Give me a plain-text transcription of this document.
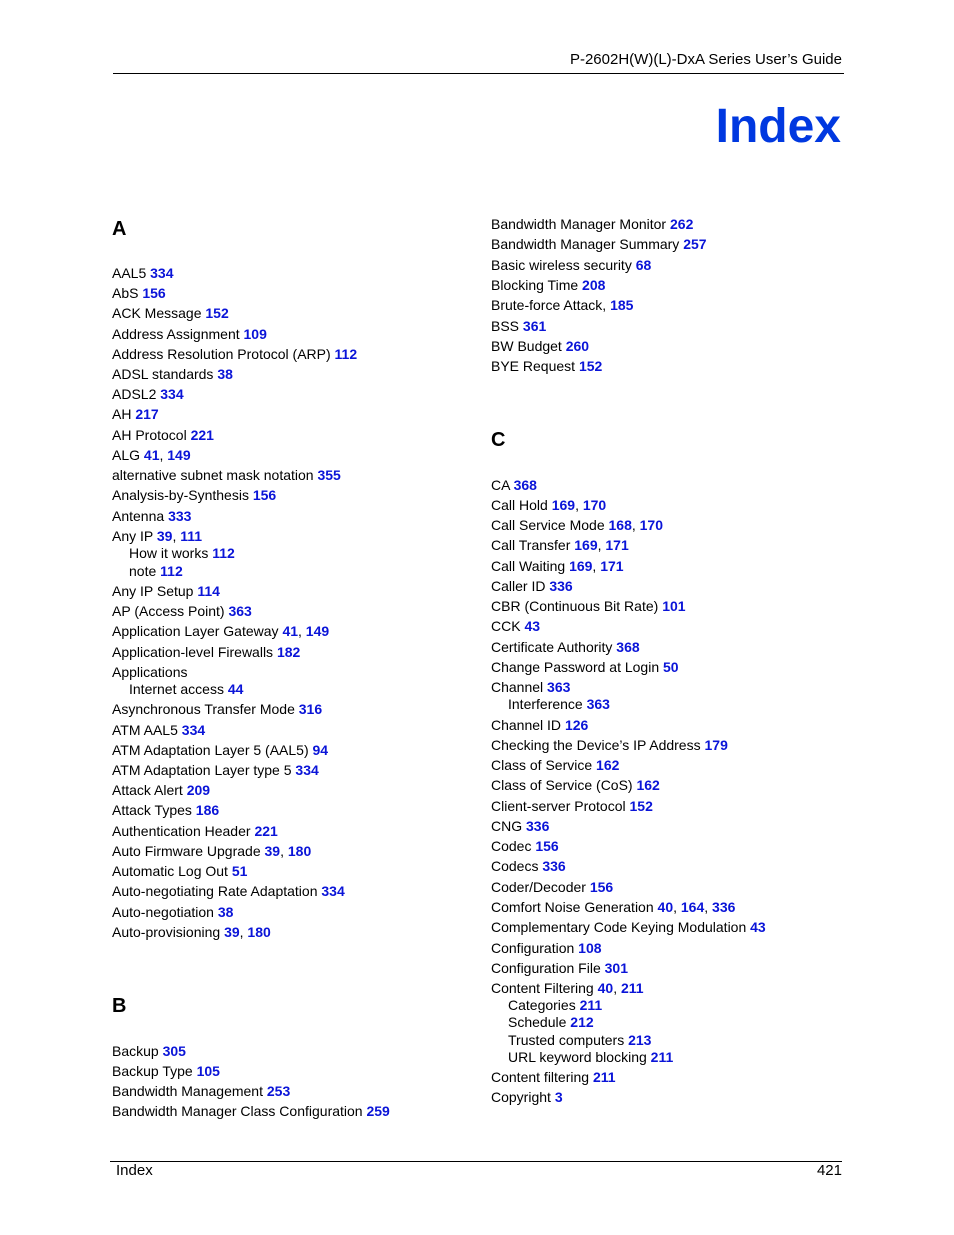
P-2602H(W)(L)-DxA Series User’s Guide
Index
A
AAL5 334
AbS 156
ACK Message 152
Address Assignment 109
Address Resolution Protocol (ARP) 112
ADSL standards 38
ADSL2 334
AH 217
AH Protocol 221
ALG 41, 149
alternative subnet mask notation 355
Analysis-by-Synthesis 156
Antenna 333
Any IP 39, 111
How it works 112
note 112
Any IP Setup 114
AP (Access Point) 363
Application Layer Gateway 41, 149
Application-level Firewalls 182
Applications
Internet access 44
Asynchronous Transfer Mode 316
ATM AAL5 334
ATM Adaptation Layer 5 (AAL5) 94
ATM Adaptation Layer type 5 334
Attack Alert 209
Attack Types 186
Authentication Header 221
Auto Firmware Upgrade 39, 180
Automatic Log Out 51
Auto-negotiating Rate Adaptation 334
Auto-negotiation 38
Auto-provisioning 39, 180
B
Backup 305
Backup Type 105
Bandwidth Management 253
Bandwidth Manager Class Configuration 259
Bandwidth Manager Monitor 262
Bandwidth Manager Summary 257
Basic wireless security 68
Blocking Time 208
Brute-force Attack, 185
BSS 361
BW Budget 260
BYE Request 152
C
CA 368
Call Hold 169, 170
Call Service Mode 168, 170
Call Transfer 169, 171
Call Waiting 169, 171
Caller ID 336
CBR (Continuous Bit Rate) 101
CCK 43
Certificate Authority 368
Change Password at Login 50
Channel 363
Interference 363
Channel ID 126
Checking the Device’s IP Address 179
Class of Service 162
Class of Service (CoS) 162
Client-server Protocol 152
CNG 336
Codec 156
Codecs 336
Coder/Decoder 156
Comfort Noise Generation 40, 164, 336
Complementary Code Keying Modulation 43
Configuration 108
Configuration File 301
Content Filtering 40, 211
Categories 211
Schedule 212
Trusted computers 213
URL keyword blocking 211
Content filtering 211
Copyright 3
Index	421
